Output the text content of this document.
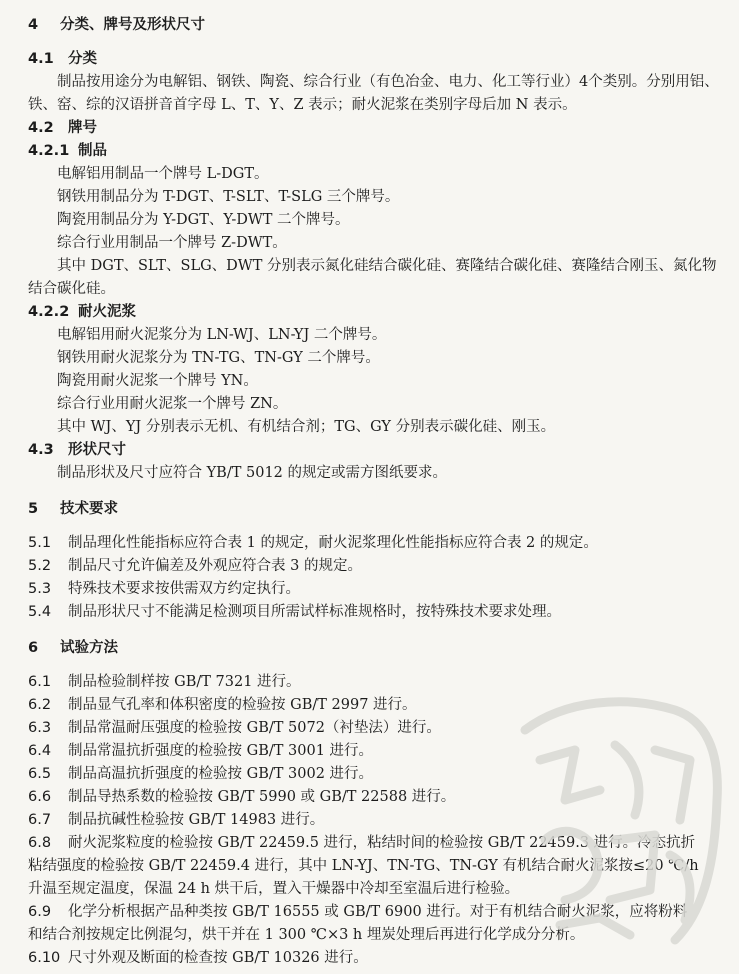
4 分类、牌号及形状尺寸
4.1 分类
制品按用途分为电解铝、钢铁、陶瓷、综合行业（有色冶金、电力、化工等行业）4个类别。分别用铝、
铁、窑、综的汉语拼音首字母 L、T、Y、Z 表示；耐火泥浆在类别字母后加 N 表示。
4.2 牌号
4.2.1 制品
电解铝用制品一个牌号 L-DGT。
钢铁用制品分为 T-DGT、T-SLT、T-SLG 三个牌号。
陶瓷用制品分为 Y-DGT、Y-DWT 二个牌号。
综合行业用制品一个牌号 Z-DWT。
其中 DGT、SLT、SLG、DWT 分别表示氮化硅结合碳化硅、赛隆结合碳化硅、赛隆结合刚玉、氮化物
结合碳化硅。
4.2.2 耐火泥浆
电解铝用耐火泥浆分为 LN-WJ、LN-YJ 二个牌号。
钢铁用耐火泥浆分为 TN-TG、TN-GY 二个牌号。
陶瓷用耐火泥浆一个牌号 YN。
综合行业用耐火泥浆一个牌号 ZN。
其中 WJ、YJ 分别表示无机、有机结合剂；TG、GY 分别表示碳化硅、刚玉。
4.3 形状尺寸
制品形状及尺寸应符合 YB/T 5012 的规定或需方图纸要求。
5 技术要求
5.1 制品理化性能指标应符合表 1 的规定，耐火泥浆理化性能指标应符合表 2 的规定。
5.2 制品尺寸允许偏差及外观应符合表 3 的规定。
5.3 特殊技术要求按供需双方约定执行。
5.4 制品形状尺寸不能满足检测项目所需试样标准规格时，按特殊技术要求处理。
6 试验方法
6.1 制品检验制样按 GB/T 7321 进行。
6.2 制品显气孔率和体积密度的检验按 GB/T 2997 进行。
6.3 制品常温耐压强度的检验按 GB/T 5072（衬垫法）进行。
6.4 制品常温抗折强度的检验按 GB/T 3001 进行。
6.5 制品高温抗折强度的检验按 GB/T 3002 进行。
6.6 制品导热系数的检验按 GB/T 5990 或 GB/T 22588 进行。
6.7 制品抗碱性检验按 GB/T 14983 进行。
6.8 耐火泥浆粒度的检验按 GB/T 22459.5 进行，粘结时间的检验按 GB/T 22459.3 进行。冷态抗折
粘结强度的检验按 GB/T 22459.4 进行，其中 LN-YJ、TN-TG、TN-GY 有机结合耐火泥浆按≤20 ℃/h
升温至规定温度，保温 24 h 烘干后，置入干燥器中冷却至室温后进行检验。
6.9 化学分析根据产品种类按 GB/T 16555 或 GB/T 6900 进行。对于有机结合耐火泥浆，应将粉料
和结合剂按规定比例混匀，烘干并在 1 300 ℃×3 h 埋炭处理后再进行化学成分分析。
6.10 尺寸外观及断面的检查按 GB/T 10326 进行。
